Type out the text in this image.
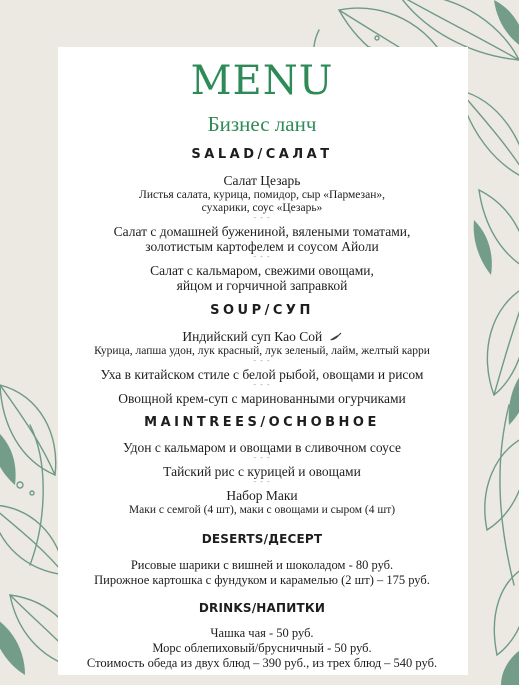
MENU
Бизнес ланч
SALAD/САЛАТ
Салат Цезарь
Листья салата, курица, помидор, сыр «Пармезан»,
сухарики, соус «Цезарь»
- - -
Салат с домашней бужениной, вялеными томатами,
золотистым картофелем и соусом Айоли
- - -
Салат с кальмаром, свежими овощами,
яйцом и горчичной заправкой
SOUP/СУП
Индийский суп Као Сой
Курица, лапша удон, лук красный, лук зеленый, лайм, желтый карри
- - -
Уха в китайском стиле с белой рыбой, овощами и рисом
- - -
Овощной крем-суп с маринованными огурчиками
MAINTREES/ОСНОВНОЕ
Удон с кальмаром и овощами в сливочном соусе
- - -
Тайский рис с курицей и овощами
- - -
Набор Маки
Маки с семгой (4 шт), маки с овощами и сыром (4 шт)
DESERTS/ДЕСЕРТ
Рисовые шарики с вишней и шоколадом - 80 руб.
Пирожное картошка с фундуком и карамелью (2 шт) – 175 руб.
DRINKS/НАПИТКИ
Чашка чая - 50 руб.
Морс облепиховый/брусничный - 50 руб.
Стоимость обеда из двух блюд – 390 руб., из трех блюд – 540 руб.
